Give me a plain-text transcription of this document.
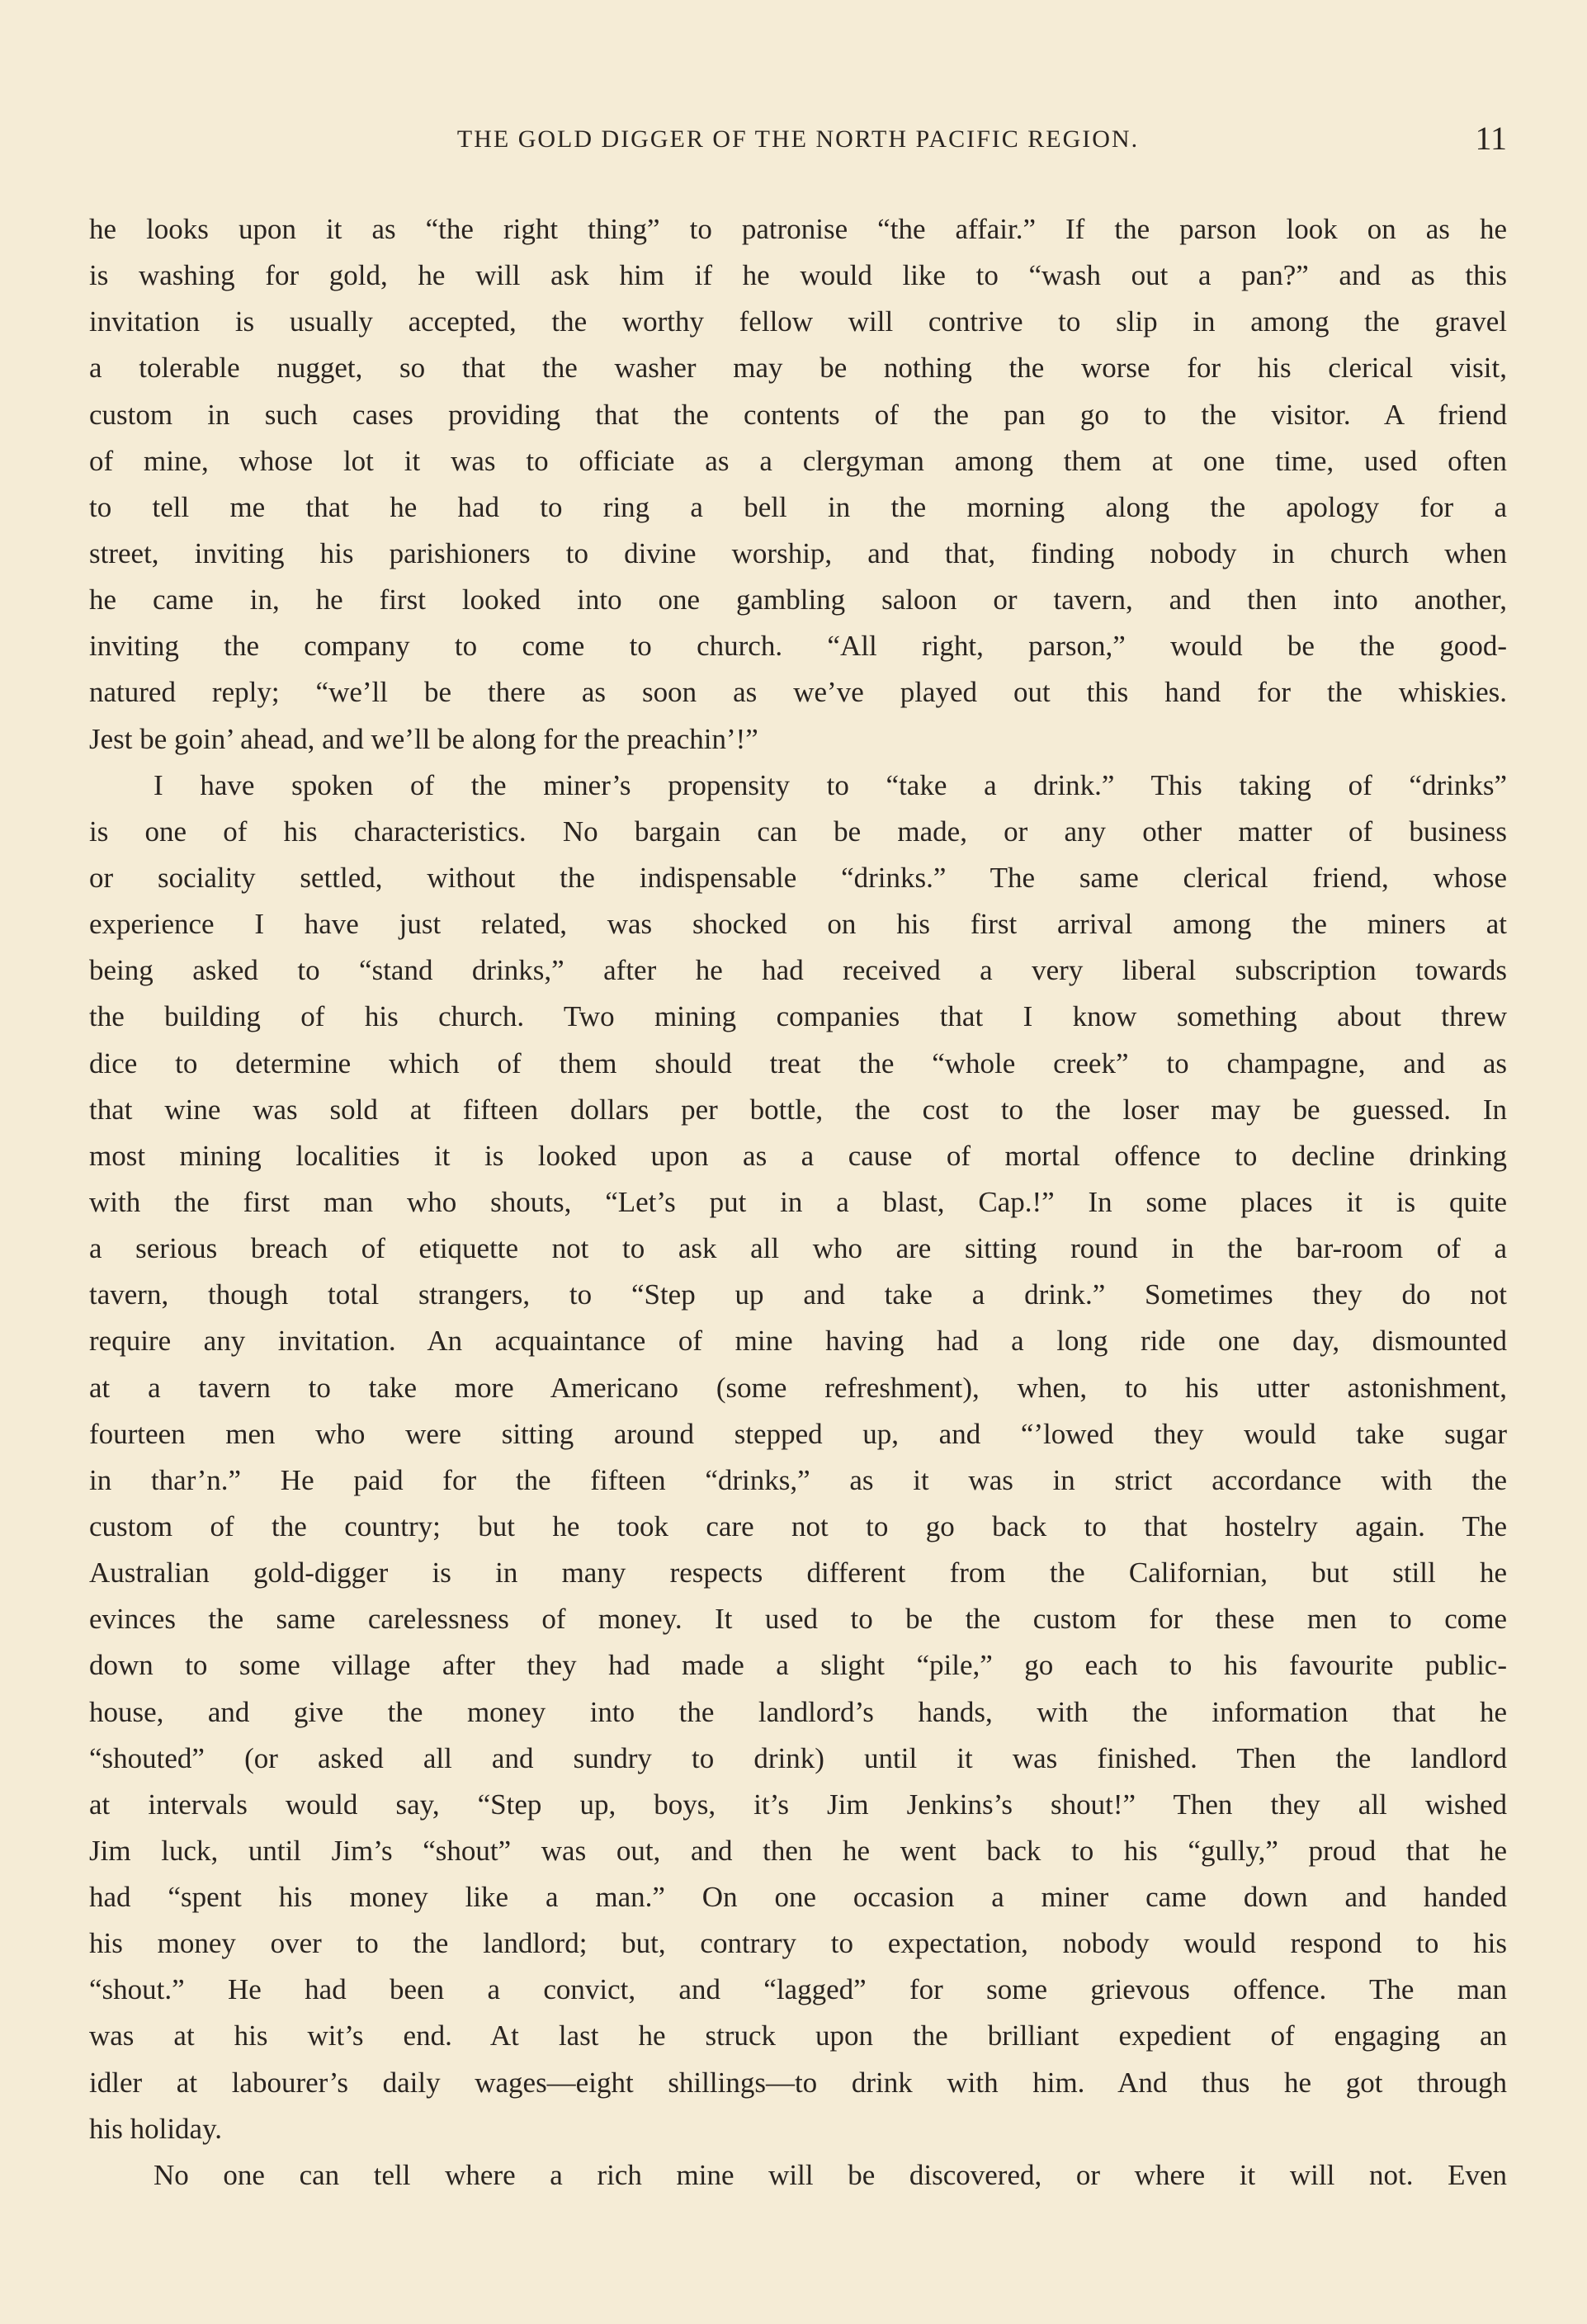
THE GOLD DIGGER OF THE NORTH PACIFIC REGION.	11
he looks upon it as “the right thing” to patronise “the affair.” If the parson look on as he
is washing for gold, he will ask him if he would like to “wash out a pan?” and as this
invitation is usually accepted, the worthy fellow will contrive to slip in among the gravel
a tolerable nugget, so that the washer may be nothing the worse for his clerical visit,
custom in such cases providing that the contents of the pan go to the visitor. A friend
of mine, whose lot it was to officiate as a clergyman among them at one time, used often
to tell me that he had to ring a bell in the morning along the apology for a
street, inviting his parishioners to divine worship, and that, finding nobody in church when
he came in, he first looked into one gambling saloon or tavern, and then into another,
inviting the company to come to church. “All right, parson,” would be the good-
natured reply; “we’ll be there as soon as we’ve played out this hand for the whiskies.
Jest be goin’ ahead, and we’ll be along for the preachin’!”
I have spoken of the miner’s propensity to “take a drink.” This taking of “drinks”
is one of his characteristics. No bargain can be made, or any other matter of business
or sociality settled, without the indispensable “drinks.” The same clerical friend, whose
experience I have just related, was shocked on his first arrival among the miners at
being asked to “stand drinks,” after he had received a very liberal subscription towards
the building of his church. Two mining companies that I know something about threw
dice to determine which of them should treat the “whole creek” to champagne, and as
that wine was sold at fifteen dollars per bottle, the cost to the loser may be guessed. In
most mining localities it is looked upon as a cause of mortal offence to decline drinking
with the first man who shouts, “Let’s put in a blast, Cap.!” In some places it is quite
a serious breach of etiquette not to ask all who are sitting round in the bar-room of a
tavern, though total strangers, to “Step up and take a drink.” Sometimes they do not
require any invitation. An acquaintance of mine having had a long ride one day, dismounted
at a tavern to take more Americano (some refreshment), when, to his utter astonishment,
fourteen men who were sitting around stepped up, and “’lowed they would take sugar
in thar’n.” He paid for the fifteen “drinks,” as it was in strict accordance with the
custom of the country; but he took care not to go back to that hostelry again. The
Australian gold-digger is in many respects different from the Californian, but still he
evinces the same carelessness of money. It used to be the custom for these men to come
down to some village after they had made a slight “pile,” go each to his favourite public-
house, and give the money into the landlord’s hands, with the information that he
“shouted” (or asked all and sundry to drink) until it was finished. Then the landlord
at intervals would say, “Step up, boys, it’s Jim Jenkins’s shout!” Then they all wished
Jim luck, until Jim’s “shout” was out, and then he went back to his “gully,” proud that he
had “spent his money like a man.” On one occasion a miner came down and handed
his money over to the landlord; but, contrary to expectation, nobody would respond to his
“shout.” He had been a convict, and “lagged” for some grievous offence. The man
was at his wit’s end. At last he struck upon the brilliant expedient of engaging an
idler at labourer’s daily wages—eight shillings—to drink with him. And thus he got through
his holiday.
No one can tell where a rich mine will be discovered, or where it will not. Even
